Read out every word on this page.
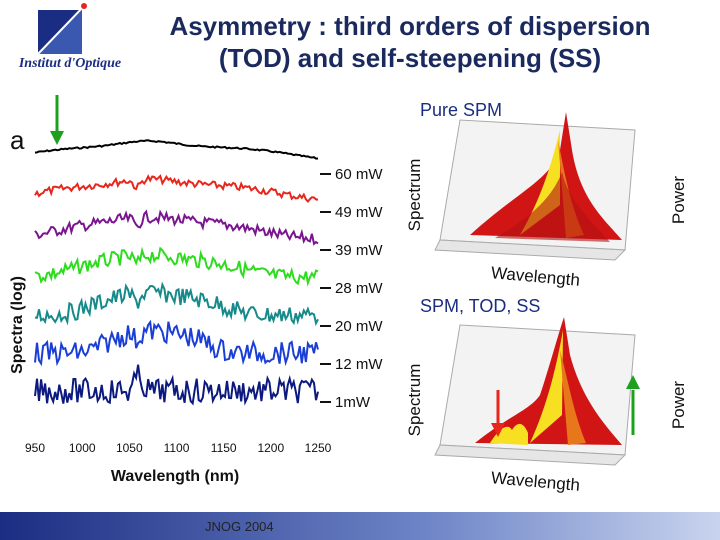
Institut d'Optique
Asymmetry : third orders of dispersion
(TOD) and self-steepening (SS)
a
Spectra (log)
60 mW
49 mW
39 mW
28 mW
20 mW
12 mW
1mW
950 1000 1050 1100 1150 1200 1250
Wavelength (nm)
Pure SPM
Spectrum	Power
Wavelength
SPM, TOD, SS
Spectrum	Power
Wavelength
JNOG 2004
